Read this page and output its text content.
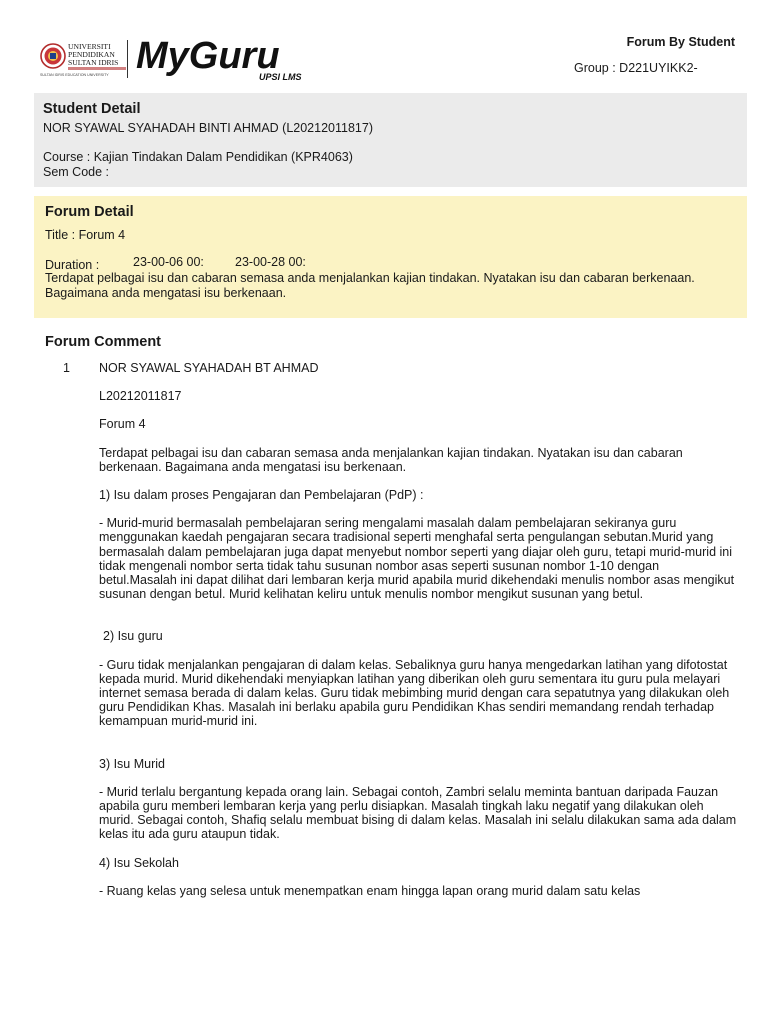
UNIVERSITI
PENDIDIKAN
SULTAN IDRIS
SULTAN IDRIS EDUCATION UNIVERSITY MyGuru
UPSI LMS
Forum By Student
Group : D221UYIKK2-
Student Detail
NOR SYAWAL SYAHADAH BINTI AHMAD (L20212011817)
Course : Kajian Tindakan Dalam Pendidikan (KPR4063)
Sem Code :
Forum Detail
Title : Forum 4
Duration :	23-00-06 00:	23-00-28 00:
Terdapat pelbagai isu dan cabaran semasa anda menjalankan kajian tindakan. Nyatakan isu dan cabaran berkenaan. Bagaimana anda mengatasi isu berkenaan.
Forum Comment
1 NOR SYAWAL SYAHADAH BT AHMAD

L20212011817

Forum 4

Terdapat pelbagai isu dan cabaran semasa anda menjalankan kajian tindakan. Nyatakan isu dan cabaran berkenaan. Bagaimana anda mengatasi isu berkenaan.

1) Isu dalam proses Pengajaran dan Pembelajaran (PdP) :

- Murid-murid bermasalah pembelajaran sering mengalami masalah dalam pembelajaran sekiranya guru menggunakan kaedah pengajaran secara tradisional seperti menghafal serta pengulangan sebutan.Murid yang bermasalah dalam pembelajaran juga dapat menyebut nombor seperti yang diajar oleh guru, tetapi murid-murid ini tidak mengenali nombor serta tidak tahu susunan nombor asas seperti susunan nombor 1-10 dengan betul.Masalah ini dapat dilihat dari lembaran kerja murid apabila murid dikehendaki menulis nombor asas mengikut susunan dengan betul. Murid kelihatan keliru untuk menulis nombor mengikut susunan yang betul.

2) Isu guru

- Guru tidak menjalankan pengajaran di dalam kelas. Sebaliknya guru hanya mengedarkan latihan yang difotostat kepada murid. Murid dikehendaki menyiapkan latihan yang diberikan oleh guru sementara itu guru pula melayari internet semasa berada di dalam kelas. Guru tidak mebimbing murid dengan cara sepatutnya yang dilakukan oleh guru Pendidikan Khas. Masalah ini berlaku apabila guru Pendidikan Khas sendiri memandang rendah terhadap kemampuan murid-murid ini.

3) Isu Murid

- Murid terlalu bergantung kepada orang lain. Sebagai contoh, Zambri selalu meminta bantuan daripada Fauzan apabila guru memberi lembaran kerja yang perlu disiapkan. Masalah tingkah laku negatif yang dilakukan oleh murid. Sebagai contoh, Shafiq selalu membuat bising di dalam kelas. Masalah ini selalu dilakukan sama ada dalam kelas itu ada guru ataupun tidak.

4) Isu Sekolah

- Ruang kelas yang selesa untuk menempatkan enam hingga lapan orang murid dalam satu kelas
